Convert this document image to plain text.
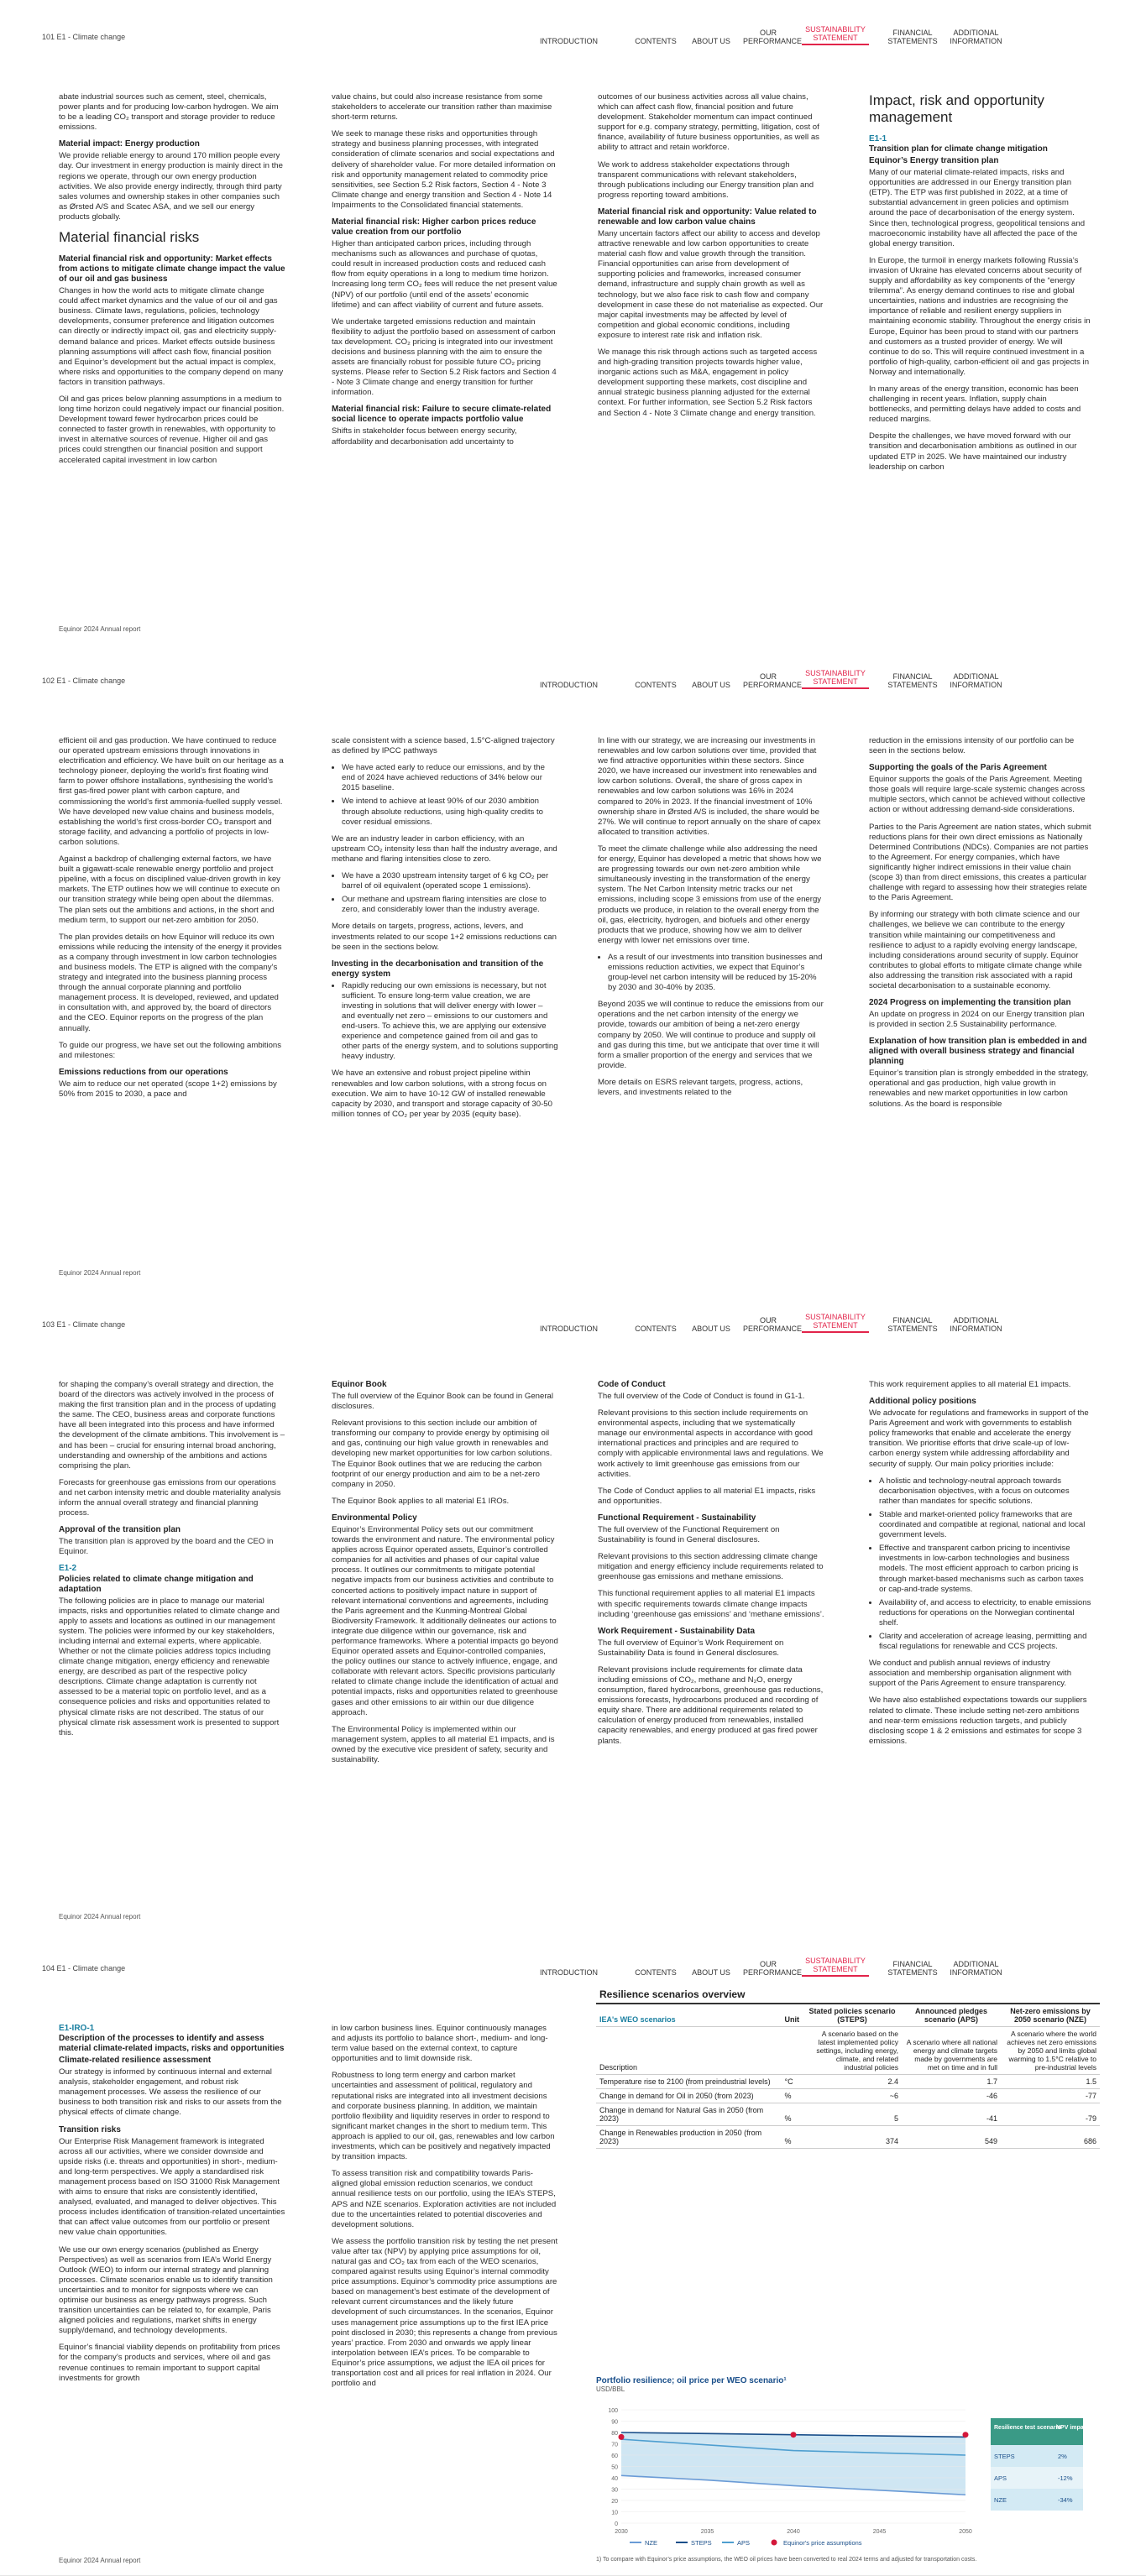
101 E1 - Climate change	INTRODUCTION	CONTENTS	ABOUT US
OUR PERFORMANCE
SUSTAINABILITY STATEMENT
FINANCIAL STATEMENTS
ADDITIONAL INFORMATION
Equinor 2024 Annual report

abate industrial sources such as cement, steel, chemicals, power plants and for producing low-carbon hydrogen. We aim to be a leading CO₂ transport and storage provider to reduce emissions.

Material impact: Energy production

We provide reliable energy to around 170 million people every day. Our investment in energy production is mainly direct in the regions we operate, through our own energy production activities. We also provide energy indirectly, through third party sales volumes and ownership stakes in other companies such as Ørsted A/S and Scatec ASA, and we sell our energy products globally.

Material financial risks

Material financial risk and opportunity: Market effects from actions to mitigate climate change impact the value of our oil and gas business

Changes in how the world acts to mitigate climate change could affect market dynamics and the value of our oil and gas business. Climate laws, regulations, policies, technology developments, consumer preference and litigation outcomes can directly or indirectly impact oil, gas and electricity supply-demand balance and prices. Market effects outside business planning assumptions will affect cash flow, financial position and Equinor’s development but the actual impact is complex, where risks and opportunities to the company depend on many factors in transition pathways.

Oil and gas prices below planning assumptions in a medium to long time horizon could negatively impact our financial position. Development toward fewer hydrocarbon prices could be connected to faster growth in renewables, with opportunity to invest in alternative sources of revenue. Higher oil and gas prices could strengthen our financial position and support accelerated capital investment in low carbon

value chains, but could also increase resistance from some stakeholders to accelerate our transition rather than maximise short-term returns.

We seek to manage these risks and opportunities through strategy and business planning processes, with integrated consideration of climate scenarios and social expectations and delivery of shareholder value. For more detailed information on risk and opportunity management related to commodity price sensitivities, see Section 5.2 Risk factors, Section 4 - Note 3 Climate change and energy transition and Section 4 - Note 14 Impairments to the Consolidated financial statements.

Material financial risk: Higher carbon prices reduce value creation from our portfolio

Higher than anticipated carbon prices, including through mechanisms such as allowances and purchase of quotas, could result in increased production costs and reduced cash flow from equity operations in a long to medium time horizon. Increasing long term CO₂ fees will reduce the net present value (NPV) of our portfolio (until end of the assets’ economic lifetime) and can affect viability of current and future assets.

We undertake targeted emissions reduction and maintain flexibility to adjust the portfolio based on assessment of carbon tax development. CO₂ pricing is integrated into our investment decisions and business planning with the aim to ensure the assets are financially robust for possible future CO₂ pricing systems. Please refer to Section 5.2 Risk factors and Section 4 - Note 3 Climate change and energy transition for further information.

Material financial risk: Failure to secure climate-related social licence to operate impacts portfolio value

Shifts in stakeholder focus between energy security, affordability and decarbonisation add uncertainty to

outcomes of our business activities across all value chains, which can affect cash flow, financial position and future development. Stakeholder momentum can impact continued support for e.g. company strategy, permitting, litigation, cost of finance, availability of future business opportunities, as well as ability to attract and retain workforce.

We work to address stakeholder expectations through transparent communications with relevant stakeholders, through publications including our Energy transition plan and progress reporting toward ambitions.

Material financial risk and opportunity: Value related to renewable and low carbon value chains

Many uncertain factors affect our ability to access and develop attractive renewable and low carbon opportunities to create material cash flow and value growth through the transition. Financial opportunities can arise from development of supporting policies and frameworks, increased consumer demand, infrastructure and supply chain growth as well as technology, but we also face risk to cash flow and company development in case these do not materialise as expected. Our major capital investments may be affected by level of competition and global economic conditions, including exposure to interest rate risk and inflation risk.

We manage this risk through actions such as targeted access and high-grading transition projects towards higher value, inorganic actions such as M&A, engagement in policy development supporting these markets, cost discipline and annual strategic business planning adjusted for the external context. For further information, see Section 5.2 Risk factors and Section 4 - Note 3 Climate change and energy transition.

Impact, risk and opportunity management

E1-1

Transition plan for climate change mitigation

Equinor’s Energy transition plan

Many of our material climate-related impacts, risks and opportunities are addressed in our Energy transition plan (ETP). The ETP was first published in 2022, at a time of substantial advancement in green policies and optimism around the pace of decarbonisation of the energy system. Since then, technological progress, geopolitical tensions and macroeconomic instability have all affected the pace of the global energy transition.

In Europe, the turmoil in energy markets following Russia’s invasion of Ukraine has elevated concerns about security of supply and affordability as key components of the “energy trilemma”. As energy demand continues to rise and global uncertainties, nations and industries are recognising the importance of reliable and resilient energy suppliers in maintaining economic stability. Throughout the energy crisis in Europe, Equinor has been proud to stand with our partners and customers as a trusted provider of energy. We will continue to do so. This will require continued investment in a portfolio of high-quality, carbon-efficient oil and gas projects in Norway and internationally.

In many areas of the energy transition, economic has been challenging in recent years. Inflation, supply chain bottlenecks, and permitting delays have added to costs and reduced margins.

Despite the challenges, we have moved forward with our transition and decarbonisation ambitions as outlined in our updated ETP in 2025. We have maintained our industry leadership on carbon

102 E1 - Climate change	INTRODUCTION	CONTENTS	ABOUT US
OUR PERFORMANCE
SUSTAINABILITY STATEMENT
FINANCIAL STATEMENTS
ADDITIONAL INFORMATION
Equinor 2024 Annual report

efficient oil and gas production. We have continued to reduce our operated upstream emissions through innovations in electrification and efficiency. We have built on our heritage as a technology pioneer, deploying the world’s first floating wind farm to power offshore installations, synthesising the world’s first gas-fired power plant with carbon capture, and commissioning the world’s first ammonia-fuelled supply vessel. We have developed new value chains and business models, establishing the world’s first cross-border CO₂ transport and storage facility, and advancing a portfolio of projects in low-carbon solutions.

Against a backdrop of challenging external factors, we have built a gigawatt-scale renewable energy portfolio and project pipeline, with a focus on disciplined value-driven growth in key markets. The ETP outlines how we will continue to execute on our transition strategy while being open about the dilemmas. The plan sets out the ambitions and actions, in the short and medium term, to support our net-zero ambition for 2050.

The plan provides details on how Equinor will reduce its own emissions while reducing the intensity of the energy it provides as a company through investment in low carbon technologies and business models. The ETP is aligned with the company’s strategy and integrated into the business planning process through the annual corporate planning and portfolio management process. It is developed, reviewed, and updated in consultation with, and approved by, the board of directors and the CEO. Equinor reports on the progress of the plan annually.

To guide our progress, we have set out the following ambitions and milestones:

Emissions reductions from our operations

We aim to reduce our net operated (scope 1+2) emissions by 50% from 2015 to 2030, a pace and

scale consistent with a science based, 1.5°C-aligned trajectory as defined by IPCC pathways

• We have acted early to reduce our emissions, and by the end of 2024 have achieved reductions of 34% below our 2015 baseline.
• We intend to achieve at least 90% of our 2030 ambition through absolute reductions, using high-quality credits to cover residual emissions.

We are an industry leader in carbon efficiency, with an upstream CO₂ intensity less than half the industry average, and methane and flaring intensities close to zero.

• We have a 2030 upstream intensity target of 6 kg CO₂ per barrel of oil equivalent (operated scope 1 emissions).
• Our methane and upstream flaring intensities are close to zero, and considerably lower than the industry average.

More details on targets, progress, actions, levers, and investments related to our scope 1+2 emissions reductions can be seen in the sections below.

Investing in the decarbonisation and transition of the energy system

• Rapidly reducing our own emissions is necessary, but not sufficient. To ensure long-term value creation, we are investing in solutions that will deliver energy with lower – and eventually net zero – emissions to our customers and end-users. To achieve this, we are applying our extensive experience and competence gained from oil and gas to other parts of the energy system, and to solutions supporting heavy industry.

We have an extensive and robust project pipeline within renewables and low carbon solutions, with a strong focus on execution. We aim to have 10-12 GW of installed renewable capacity by 2030, and transport and storage capacity of 30-50 million tonnes of CO₂ per year by 2035 (equity base).

In line with our strategy, we are increasing our investments in renewables and low carbon solutions over time, provided that we find attractive opportunities within these sectors. Since 2020, we have increased our investment into renewables and low carbon solutions. Overall, the share of gross capex in renewables and low carbon solutions was 16% in 2024 compared to 20% in 2023. If the financial investment of 10% ownership share in Ørsted A/S is included, the share would be 27%. We will continue to report annually on the share of capex allocated to transition activities.

To meet the climate challenge while also addressing the need for energy, Equinor has developed a metric that shows how we are progressing towards our own net-zero ambition while simultaneously investing in the transformation of the energy system. The Net Carbon Intensity metric tracks our net emissions, including scope 3 emissions from use of the energy products we produce, in relation to the overall energy from the oil, gas, electricity, hydrogen, and biofuels and other energy products that we produce, showing how we aim to deliver energy with lower net emissions over time.

• As a result of our investments into transition businesses and emissions reduction activities, we expect that Equinor’s group-level net carbon intensity will be reduced by 15-20% by 2030 and 30-40% by 2035.

Beyond 2035 we will continue to reduce the emissions from our operations and the net carbon intensity of the energy we provide, towards our ambition of being a net-zero energy company by 2050. We will continue to produce and supply oil and gas during this time, but we anticipate that over time it will form a smaller proportion of the energy and services that we provide.

More details on ESRS relevant targets, progress, actions, levers, and investments related to the

reduction in the emissions intensity of our portfolio can be seen in the sections below.

Supporting the goals of the Paris Agreement

Equinor supports the goals of the Paris Agreement. Meeting those goals will require large-scale systemic changes across multiple sectors, which cannot be achieved without collective action or without addressing demand-side considerations.

Parties to the Paris Agreement are nation states, which submit reductions plans for their own direct emissions as Nationally Determined Contributions (NDCs). Companies are not parties to the Agreement. For energy companies, which have significantly higher indirect emissions in their value chain (scope 3) than from direct emissions, this creates a particular challenge with regard to assessing how their strategies relate to the Paris Agreement.

By informing our strategy with both climate science and our challenges, we believe we can contribute to the energy transition while maintaining our competitiveness and resilience to adjust to a rapidly evolving energy landscape, including considerations around security of supply. Equinor contributes to global efforts to mitigate climate change while also addressing the transition risk associated with a rapid societal decarbonisation to a sustainable economy.

2024 Progress on implementing the transition plan

An update on progress in 2024 on our Energy transition plan is provided in section 2.5 Sustainability performance.

Explanation of how transition plan is embedded in and aligned with overall business strategy and financial planning

Equinor’s transition plan is strongly embedded in the strategy, operational and gas production, high value growth in renewables and new market opportunities in low carbon solutions. As the board is responsible

103 E1 - Climate change	INTRODUCTION	CONTENTS	ABOUT US
OUR PERFORMANCE
SUSTAINABILITY STATEMENT
FINANCIAL STATEMENTS
ADDITIONAL INFORMATION
Equinor 2024 Annual report

for shaping the company’s overall strategy and direction, the board of the directors was actively involved in the process of making the first transition plan and in the process of updating the same. The CEO, business areas and corporate functions have all been integrated into this process and have informed the development of the climate ambitions. This involvement is – and has been – crucial for ensuring internal broad anchoring, understanding and ownership of the ambitions and actions comprising the plan.

Forecasts for greenhouse gas emissions from our operations and net carbon intensity metric and double materiality analysis inform the annual overall strategy and financial planning process.

Approval of the transition plan

The transition plan is approved by the board and the CEO in Equinor.

E1-2

Policies related to climate change mitigation and adaptation

The following policies are in place to manage our material impacts, risks and opportunities related to climate change and apply to assets and locations as outlined in our management system. The policies were informed by our key stakeholders, including internal and external experts, where applicable. Whether or not the climate policies address topics including climate change mitigation, energy efficiency and renewable energy, are described as part of the respective policy descriptions. Climate change adaptation is currently not assessed to be a material topic on portfolio level, and as a consequence policies and risks and opportunities related to physical climate risks are not described. The status of our physical climate risk assessment work is presented to support this.

Equinor Book

The full overview of the Equinor Book can be found in General disclosures.

Relevant provisions to this section include our ambition of transforming our company to provide energy by optimising oil and gas, continuing our high value growth in renewables and developing new market opportunities for low carbon solutions. The Equinor Book outlines that we are reducing the carbon footprint of our energy production and aim to be a net-zero company in 2050.

The Equinor Book applies to all material E1 IROs.

Environmental Policy

Equinor’s Environmental Policy sets out our commitment towards the environment and nature. The environmental policy applies across Equinor operated assets, Equinor’s controlled companies for all activities and phases of our capital value process. It outlines our commitments to mitigate potential negative impacts from our business activities and contribute to concerted actions to positively impact nature in support of relevant international conventions and agreements, including the Paris agreement and the Kunming-Montreal Global Biodiversity Framework. It additionally delineates our actions to integrate due diligence within our governance, risk and performance frameworks. Where a potential impacts go beyond Equinor operated assets and Equinor-controlled companies, the policy outlines our stance to actively influence, engage, and collaborate with relevant actors. Specific provisions particularly related to climate change include the identification of actual and potential impacts, risks and opportunities related to greenhouse gases and other emissions to air within our due diligence approach.

The Environmental Policy is implemented within our management system, applies to all material E1 impacts, and is owned by the executive vice president of safety, security and sustainability.

Code of Conduct

The full overview of the Code of Conduct is found in G1-1.

Relevant provisions to this section include requirements on environmental aspects, including that we systematically manage our environmental aspects in accordance with good international practices and principles and are required to comply with applicable environmental laws and regulations. We work actively to limit greenhouse gas emissions from our activities.

The Code of Conduct applies to all material E1 impacts, risks and opportunities.

Functional Requirement - Sustainability

The full overview of the Functional Requirement on Sustainability is found in General disclosures.

Relevant provisions to this section addressing climate change mitigation and energy efficiency include requirements related to greenhouse gas emissions and methane emissions.

This functional requirement applies to all material E1 impacts with specific requirements towards climate change impacts including ‘greenhouse gas emissions’ and ‘methane emissions’.

Work Requirement - Sustainability Data

The full overview of Equinor’s Work Requirement on Sustainability Data is found in General disclosures.

Relevant provisions include requirements for climate data including emissions of CO₂, methane and N₂O, energy consumption, flared hydrocarbons, greenhouse gas reductions, emissions forecasts, hydrocarbons produced and recording of equity share. There are additional requirements related to calculation of energy produced from renewables, installed capacity renewables, and energy produced at gas fired power plants.

This work requirement applies to all material E1 impacts.

Additional policy positions

We advocate for regulations and frameworks in support of the Paris Agreement and work with governments to establish policy frameworks that enable and accelerate the energy transition. We prioritise efforts that drive scale-up of low-carbon energy system while addressing affordability and security of supply. Our main policy priorities include:

• A holistic and technology-neutral approach towards decarbonisation objectives, with a focus on outcomes rather than mandates for specific solutions.
• Stable and market-oriented policy frameworks that are coordinated and compatible at regional, national and local government levels.
• Effective and transparent carbon pricing to incentivise investments in low-carbon technologies and business models. The most efficient approach to carbon pricing is through market-based mechanisms such as carbon taxes or cap-and-trade systems.
• Availability of, and access to electricity, to enable emissions reductions for operations on the Norwegian continental shelf.
• Clarity and acceleration of acreage leasing, permitting and fiscal regulations for renewable and CCS projects.

We conduct and publish annual reviews of industry association and membership organisation alignment with support of the Paris Agreement to ensure transparency.

We have also established expectations towards our suppliers related to climate. These include setting net-zero ambitions and near-term emissions reduction targets, and publicly disclosing scope 1 & 2 emissions and estimates for scope 3 emissions.

104 E1 - Climate change	INTRODUCTION	CONTENTS	ABOUT US
OUR PERFORMANCE
SUSTAINABILITY STATEMENT
FINANCIAL STATEMENTS
ADDITIONAL INFORMATION
Equinor 2024 Annual report

E1-IRO-1

Description of the processes to identify and assess material climate-related impacts, risks and opportunities

Climate-related resilience assessment

Our strategy is informed by continuous internal and external analysis, stakeholder engagement, and robust risk management processes. We assess the resilience of our business to both transition risk and risks to our assets from the physical effects of climate change.

Transition risks

Our Enterprise Risk Management framework is integrated across all our activities, where we consider downside and upside risks (i.e. threats and opportunities) in short-, medium- and long-term perspectives. We apply a standardised risk management process based on ISO 31000 Risk Management with aims to ensure that risks are consistently identified, analysed, evaluated, and managed to deliver objectives. This process includes identification of transition-related uncertainties that can affect value outcomes from our portfolio or present new value chain opportunities.

We use our own energy scenarios (published as Energy Perspectives) as well as scenarios from IEA’s World Energy Outlook (WEO) to inform our internal strategy and planning processes. Climate scenarios enable us to identify transition uncertainties and to monitor for signposts where we can optimise our business as energy pathways progress. Such transition uncertainties can be related to, for example, Paris aligned policies and regulations, market shifts in energy supply/demand, and technology developments.

Equinor’s financial viability depends on profitability from prices for the company’s products and services, where oil and gas revenue continues to remain important to support capital investments for growth

in low carbon business lines. Equinor continuously manages and adjusts its portfolio to balance short-, medium- and long-term value based on the external context, to capture opportunities and to limit downside risk.

Robustness to long term energy and carbon market uncertainties and assessment of political, regulatory and reputational risks are integrated into all investment decisions and corporate business planning. In addition, we maintain portfolio flexibility and liquidity reserves in order to respond to significant market changes in the short to medium term. This approach is applied to our oil, gas, renewables and low carbon investments, which can be positively and negatively impacted by transition impacts.

To assess transition risk and compatibility towards Paris-aligned global emission reduction scenarios, we conduct annual resilience tests on our portfolio, using the IEA’s STEPS, APS and NZE scenarios. Exploration activities are not included due to the uncertainties related to potential discoveries and development solutions.

We assess the portfolio transition risk by testing the net present value after tax (NPV) by applying price assumptions for oil, natural gas and CO₂ tax from each of the WEO scenarios, compared against results using Equinor’s internal commodity price assumptions. Equinor’s commodity price assumptions are based on management’s best estimate of the development of relevant current circumstances and the likely future development of such circumstances. In the scenarios, Equinor uses management price assumptions up to the first IEA price point disclosed in 2030; this represents a change from previous years’ practice. From 2030 and onwards we apply linear interpolation between IEA’s prices. To be comparable to Equinor’s price assumptions, we adjust the IEA oil prices for transportation cost and all prices for real inflation in 2024. Our portfolio and

Resilience scenarios overview				
IEA's WEO scenarios	Unit	Stated policies scenario (STEPS)	Announced pledges scenario (APS)	Net-zero emissions by 2050 scenario (NZE)
Description		A scenario based on the latest implemented policy settings, including energy, climate, and related industrial policies	A scenario where all national energy and climate targets made by governments are met on time and in full	A scenario where the world achieves net zero emissions by 2050 and limits global warming to 1.5°C relative to pre-industrial levels
Temperature rise to 2100 (from preindustrial levels)	°C	2.4	1.7	1.5
Change in demand for Oil in 2050 (from 2023)	%	~6	-46	-77
Change in demand for Natural Gas in 2050 (from 2023)	%	5	-41	-79
Change in Renewables production in 2050 (from 2023)	%	374	549	686
Portfolio resilience; oil price per WEO scenario¹
USD/BBL
0
10
20
30
40
50
60
70
80
90
100
2030	2035	2040	2045	2050
Resilience test scenario
NPV impact
STEPS	2%
APS	-12%
NZE	-34%
NZE	STEPS	APS	Equinor's price assumptions
1) To compare with Equinor’s price assumptions, the WEO oil prices have been converted to real 2024 terms and adjusted for transportation costs.
